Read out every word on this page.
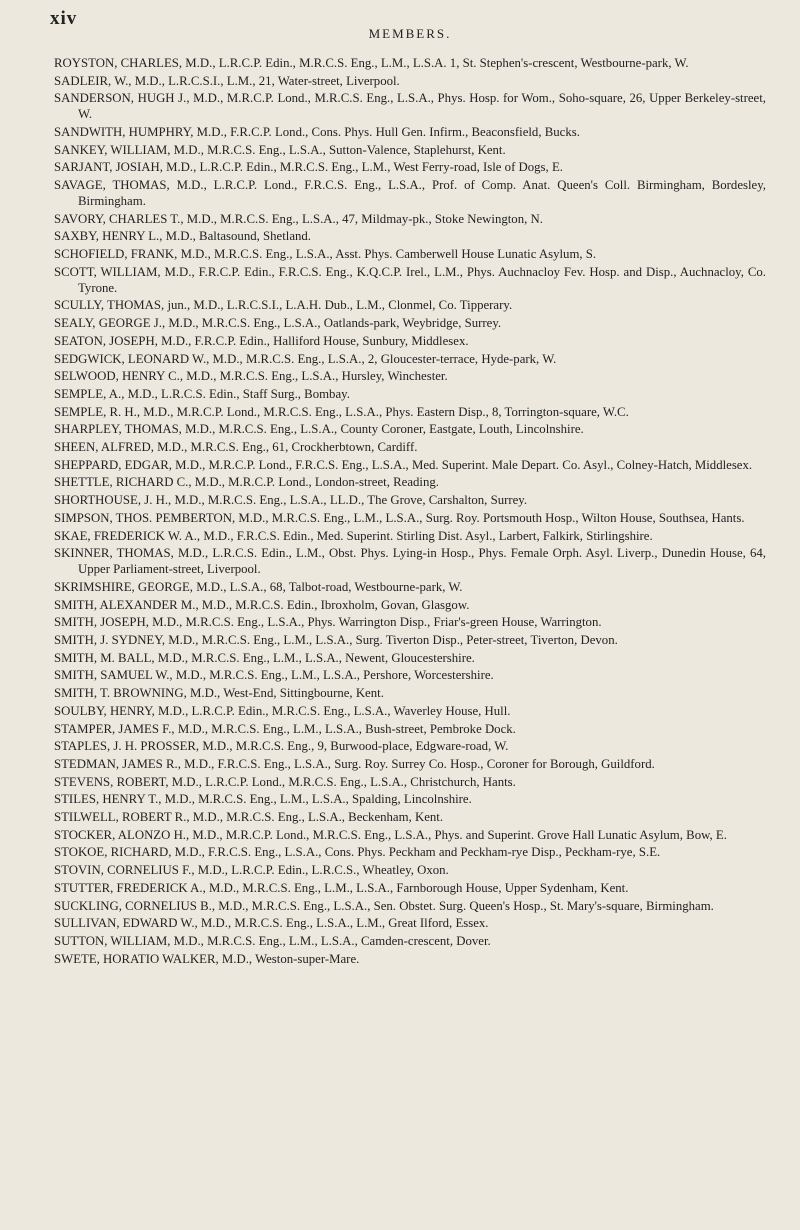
xiv
MEMBERS.

ROYSTON, CHARLES, M.D., L.R.C.P. Edin., M.R.C.S. Eng., L.M., L.S.A. 1, St. Stephen's-crescent, Westbourne-park, W.

SADLEIR, W., M.D., L.R.C.S.I., L.M., 21, Water-street, Liverpool.

SANDERSON, HUGH J., M.D., M.R.C.P. Lond., M.R.C.S. Eng., L.S.A., Phys. Hosp. for Wom., Soho-square, 26, Upper Berkeley-street, W.

SANDWITH, HUMPHRY, M.D., F.R.C.P. Lond., Cons. Phys. Hull Gen. Infirm., Beaconsfield, Bucks.

SANKEY, WILLIAM, M.D., M.R.C.S. Eng., L.S.A., Sutton-Valence, Staplehurst, Kent.

SARJANT, JOSIAH, M.D., L.R.C.P. Edin., M.R.C.S. Eng., L.M., West Ferry-road, Isle of Dogs, E.

SAVAGE, THOMAS, M.D., L.R.C.P. Lond., F.R.C.S. Eng., L.S.A., Prof. of Comp. Anat. Queen's Coll. Birmingham, Bordesley, Birmingham.

SAVORY, CHARLES T., M.D., M.R.C.S. Eng., L.S.A., 47, Mildmay-pk., Stoke Newington, N.

SAXBY, HENRY L., M.D., Baltasound, Shetland.

SCHOFIELD, FRANK, M.D., M.R.C.S. Eng., L.S.A., Asst. Phys. Camberwell House Lunatic Asylum, S.

SCOTT, WILLIAM, M.D., F.R.C.P. Edin., F.R.C.S. Eng., K.Q.C.P. Irel., L.M., Phys. Auchnacloy Fev. Hosp. and Disp., Auchnacloy, Co. Tyrone.

SCULLY, THOMAS, jun., M.D., L.R.C.S.I., L.A.H. Dub., L.M., Clonmel, Co. Tipperary.

SEALY, GEORGE J., M.D., M.R.C.S. Eng., L.S.A., Oatlands-park, Weybridge, Surrey.

SEATON, JOSEPH, M.D., F.R.C.P. Edin., Halliford House, Sunbury, Middlesex.

SEDGWICK, LEONARD W., M.D., M.R.C.S. Eng., L.S.A., 2, Gloucester-terrace, Hyde-park, W.

SELWOOD, HENRY C., M.D., M.R.C.S. Eng., L.S.A., Hursley, Winchester.

SEMPLE, A., M.D., L.R.C.S. Edin., Staff Surg., Bombay.

SEMPLE, R. H., M.D., M.R.C.P. Lond., M.R.C.S. Eng., L.S.A., Phys. Eastern Disp., 8, Torrington-square, W.C.

SHARPLEY, THOMAS, M.D., M.R.C.S. Eng., L.S.A., County Coroner, Eastgate, Louth, Lincolnshire.

SHEEN, ALFRED, M.D., M.R.C.S. Eng., 61, Crockherbtown, Cardiff.

SHEPPARD, EDGAR, M.D., M.R.C.P. Lond., F.R.C.S. Eng., L.S.A., Med. Superint. Male Depart. Co. Asyl., Colney-Hatch, Middlesex.

SHETTLE, RICHARD C., M.D., M.R.C.P. Lond., London-street, Reading.

SHORTHOUSE, J. H., M.D., M.R.C.S. Eng., L.S.A., LL.D., The Grove, Carshalton, Surrey.

SIMPSON, THOS. PEMBERTON, M.D., M.R.C.S. Eng., L.M., L.S.A., Surg. Roy. Portsmouth Hosp., Wilton House, Southsea, Hants.

SKAE, FREDERICK W. A., M.D., F.R.C.S. Edin., Med. Superint. Stirling Dist. Asyl., Larbert, Falkirk, Stirlingshire.

SKINNER, THOMAS, M.D., L.R.C.S. Edin., L.M., Obst. Phys. Lying-in Hosp., Phys. Female Orph. Asyl. Liverp., Dunedin House, 64, Upper Parliament-street, Liverpool.

SKRIMSHIRE, GEORGE, M.D., L.S.A., 68, Talbot-road, Westbourne-park, W.

SMITH, ALEXANDER M., M.D., M.R.C.S. Edin., Ibroxholm, Govan, Glasgow.

SMITH, JOSEPH, M.D., M.R.C.S. Eng., L.S.A., Phys. Warrington Disp., Friar's-green House, Warrington.

SMITH, J. SYDNEY, M.D., M.R.C.S. Eng., L.M., L.S.A., Surg. Tiverton Disp., Peter-street, Tiverton, Devon.

SMITH, M. BALL, M.D., M.R.C.S. Eng., L.M., L.S.A., Newent, Gloucestershire.

SMITH, SAMUEL W., M.D., M.R.C.S. Eng., L.M., L.S.A., Pershore, Worcestershire.

SMITH, T. BROWNING, M.D., West-End, Sittingbourne, Kent.

SOULBY, HENRY, M.D., L.R.C.P. Edin., M.R.C.S. Eng., L.S.A., Waverley House, Hull.

STAMPER, JAMES F., M.D., M.R.C.S. Eng., L.M., L.S.A., Bush-street, Pembroke Dock.

STAPLES, J. H. PROSSER, M.D., M.R.C.S. Eng., 9, Burwood-place, Edgware-road, W.

STEDMAN, JAMES R., M.D., F.R.C.S. Eng., L.S.A., Surg. Roy. Surrey Co. Hosp., Coroner for Borough, Guildford.

STEVENS, ROBERT, M.D., L.R.C.P. Lond., M.R.C.S. Eng., L.S.A., Christchurch, Hants.

STILES, HENRY T., M.D., M.R.C.S. Eng., L.M., L.S.A., Spalding, Lincolnshire.

STILWELL, ROBERT R., M.D., M.R.C.S. Eng., L.S.A., Beckenham, Kent.

STOCKER, ALONZO H., M.D., M.R.C.P. Lond., M.R.C.S. Eng., L.S.A., Phys. and Superint. Grove Hall Lunatic Asylum, Bow, E.

STOKOE, RICHARD, M.D., F.R.C.S. Eng., L.S.A., Cons. Phys. Peckham and Peckham-rye Disp., Peckham-rye, S.E.

STOVIN, CORNELIUS F., M.D., L.R.C.P. Edin., L.R.C.S., Wheatley, Oxon.

STUTTER, FREDERICK A., M.D., M.R.C.S. Eng., L.M., L.S.A., Farnborough House, Upper Sydenham, Kent.

SUCKLING, CORNELIUS B., M.D., M.R.C.S. Eng., L.S.A., Sen. Obstet. Surg. Queen's Hosp., St. Mary's-square, Birmingham.

SULLIVAN, EDWARD W., M.D., M.R.C.S. Eng., L.S.A., L.M., Great Ilford, Essex.

SUTTON, WILLIAM, M.D., M.R.C.S. Eng., L.M., L.S.A., Camden-crescent, Dover.

SWETE, HORATIO WALKER, M.D., Weston-super-Mare.
